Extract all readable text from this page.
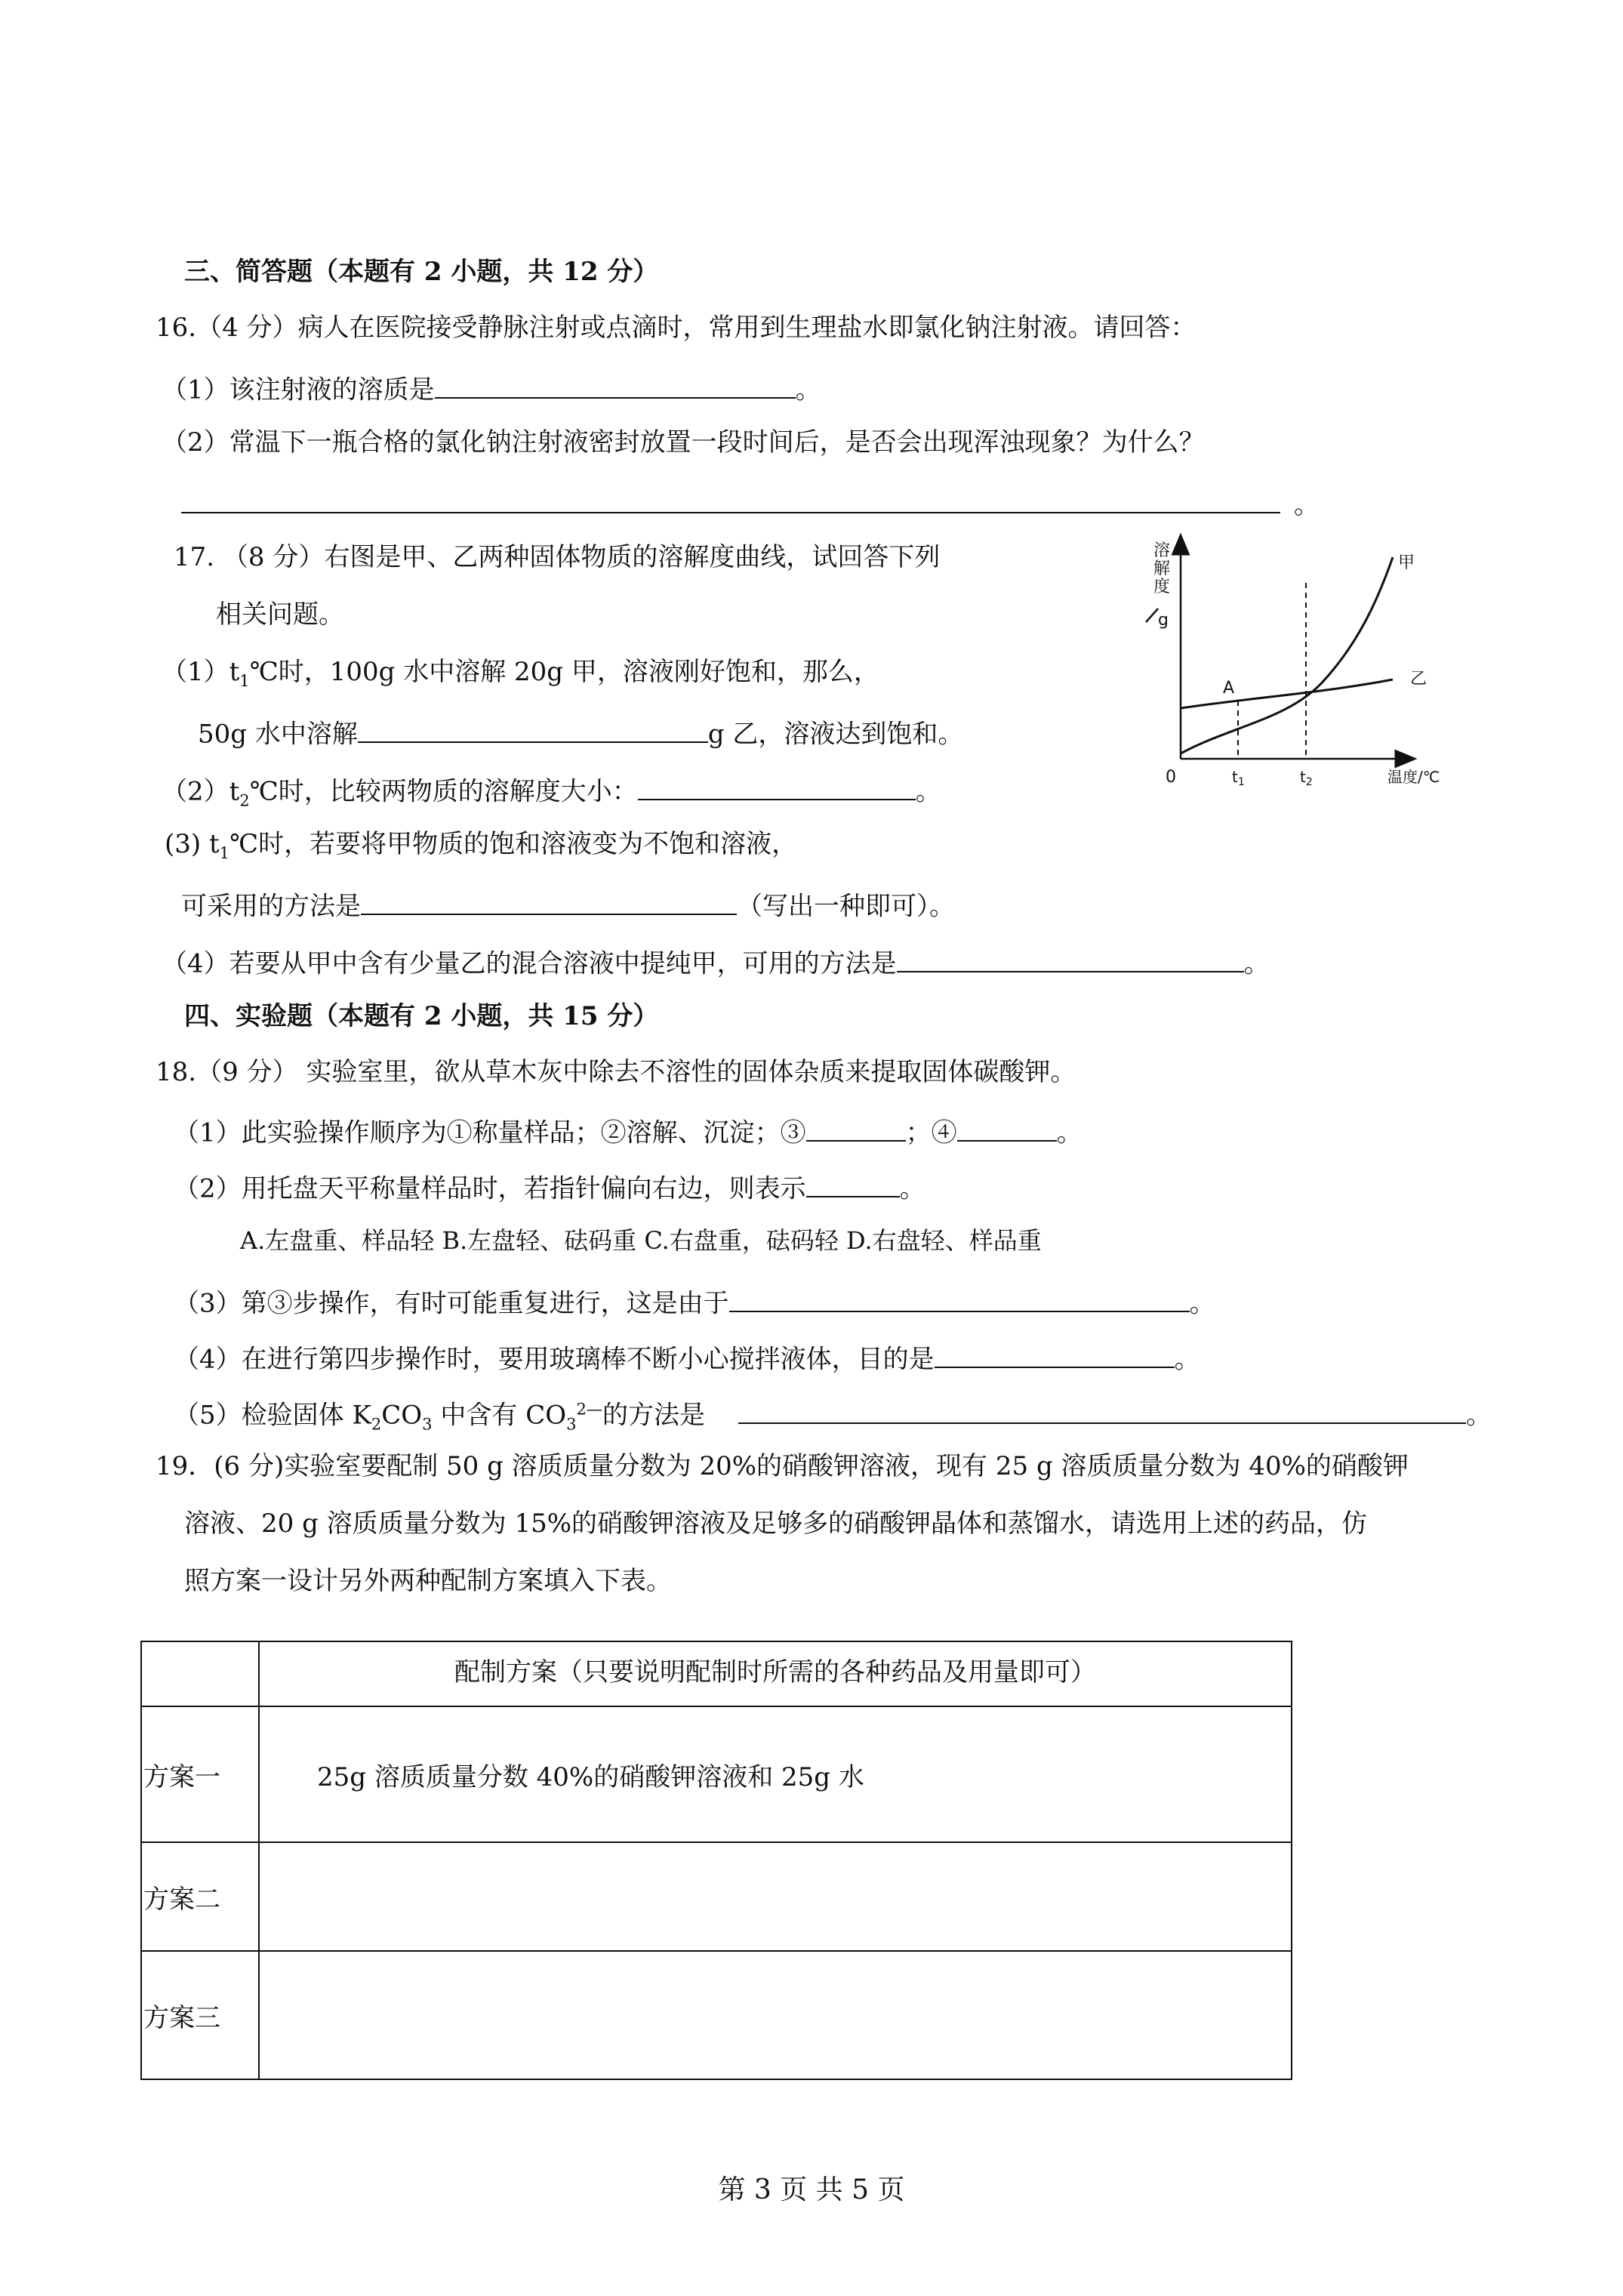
三、简答题（本题有 2 小题，共 12 分）
16.（4 分）病人在医院接受静脉注射或点滴时，常用到生理盐水即氯化钠注射液。请回答：
（1）该注射液的溶质是	。
（2）常温下一瓶合格的氯化钠注射液密封放置一段时间后，是否会出现浑浊现象？为什么？
。
17. （8 分）右图是甲、乙两种固体物质的溶解度曲线，试回答下列
相关问题。
$(1)t_1℃$时，100g 水中溶解 20g 甲，溶液刚好饱和，那么，
50g 水中溶解	g 乙，溶液达到饱和。
$(2)t_2℃$时，比较两物质的溶解度大小：	。
(3) $t_1℃$时，若要将甲物质的饱和溶液变为不饱和溶液，
可采用的方法是	（写出一种即可）。
（4）若要从甲中含有少量乙的混合溶液中提纯甲，可用的方法是	。
溶
解
度
g
甲
乙
A
0	$t_1$	$t_2$	温度/℃
四、实验题（本题有 2 小题，共 15 分）
18.（9 分） 实验室里，欲从草木灰中除去不溶性的固体杂质来提取固体碳酸钾。
（1）此实验操作顺序为①称量样品；②溶解、沉淀；③	；④	。
（2）用托盘天平称量样品时，若指针偏向右边，则表示	。
A.左盘重、样品轻 B.左盘轻、砝码重 C.右盘重，砝码轻 D.右盘轻、样品重
（3）第③步操作，有时可能重复进行，这是由于	。
（4）在进行第四步操作时，要用玻璃棒不断小心搅拌液体，目的是	。
（5）检验固体 $K_2CO_3$ 中含有 $CO_3^{2—}$的方法是	。
19．(6 分)实验室要配制 50 g 溶质质量分数为 20%的硝酸钾溶液，现有 25 g 溶质质量分数为 40%的硝酸钾
溶液、20 g 溶质质量分数为 15%的硝酸钾溶液及足够多的硝酸钾晶体和蒸馏水，请选用上述的药品，仿
照方案一设计另外两种配制方案填入下表。
	配制方案（只要说明配制时所需的各种药品及用量即可）
方案一	25g 溶质质量分数 40%的硝酸钾溶液和 25g 水
方案二	
方案三	
第 3 页 共 5 页
